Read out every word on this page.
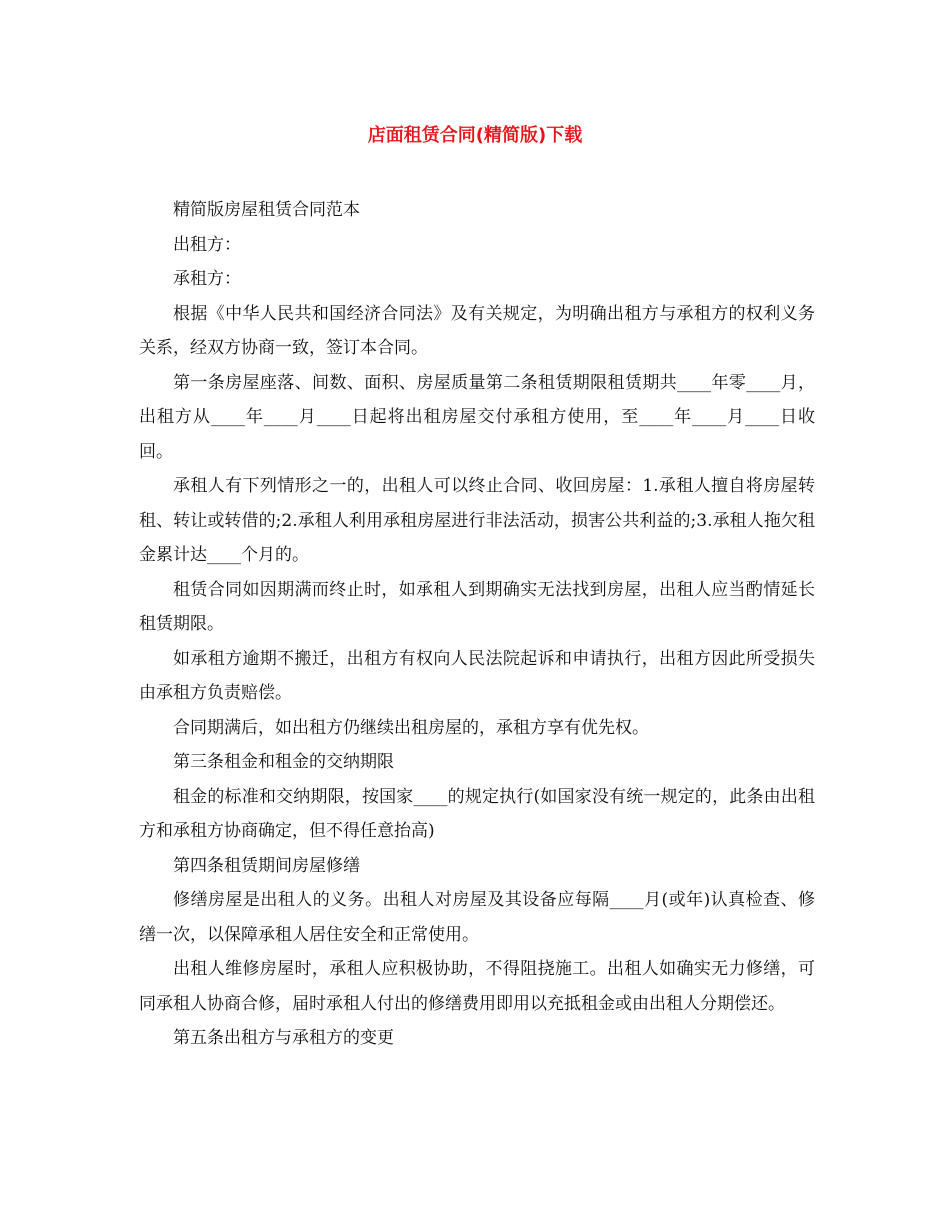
店面租赁合同(精简版)下载

精简版房屋租赁合同范本

出租方：

承租方：

根据《中华人民共和国经济合同法》及有关规定，为明确出租方与承租方的权利义务关系，经双方协商一致，签订本合同。

第一条房屋座落、间数、面积、房屋质量第二条租赁期限租赁期共____年零____月，出租方从____年____月____日起将出租房屋交付承租方使用，至____年____月____日收回。

承租人有下列情形之一的，出租人可以终止合同、收回房屋：1.承租人擅自将房屋转租、转让或转借的;2.承租人利用承租房屋进行非法活动，损害公共利益的;3.承租人拖欠租金累计达____个月的。

租赁合同如因期满而终止时，如承租人到期确实无法找到房屋，出租人应当酌情延长租赁期限。

如承租方逾期不搬迁，出租方有权向人民法院起诉和申请执行，出租方因此所受损失由承租方负责赔偿。

合同期满后，如出租方仍继续出租房屋的，承租方享有优先权。

第三条租金和租金的交纳期限

租金的标准和交纳期限，按国家____的规定执行(如国家没有统一规定的，此条由出租方和承租方协商确定，但不得任意抬高)

第四条租赁期间房屋修缮

修缮房屋是出租人的义务。出租人对房屋及其设备应每隔____月(或年)认真检查、修缮一次，以保障承租人居住安全和正常使用。

出租人维修房屋时，承租人应积极协助，不得阻挠施工。出租人如确实无力修缮，可同承租人协商合修，届时承租人付出的修缮费用即用以充抵租金或由出租人分期偿还。

第五条出租方与承租方的变更
